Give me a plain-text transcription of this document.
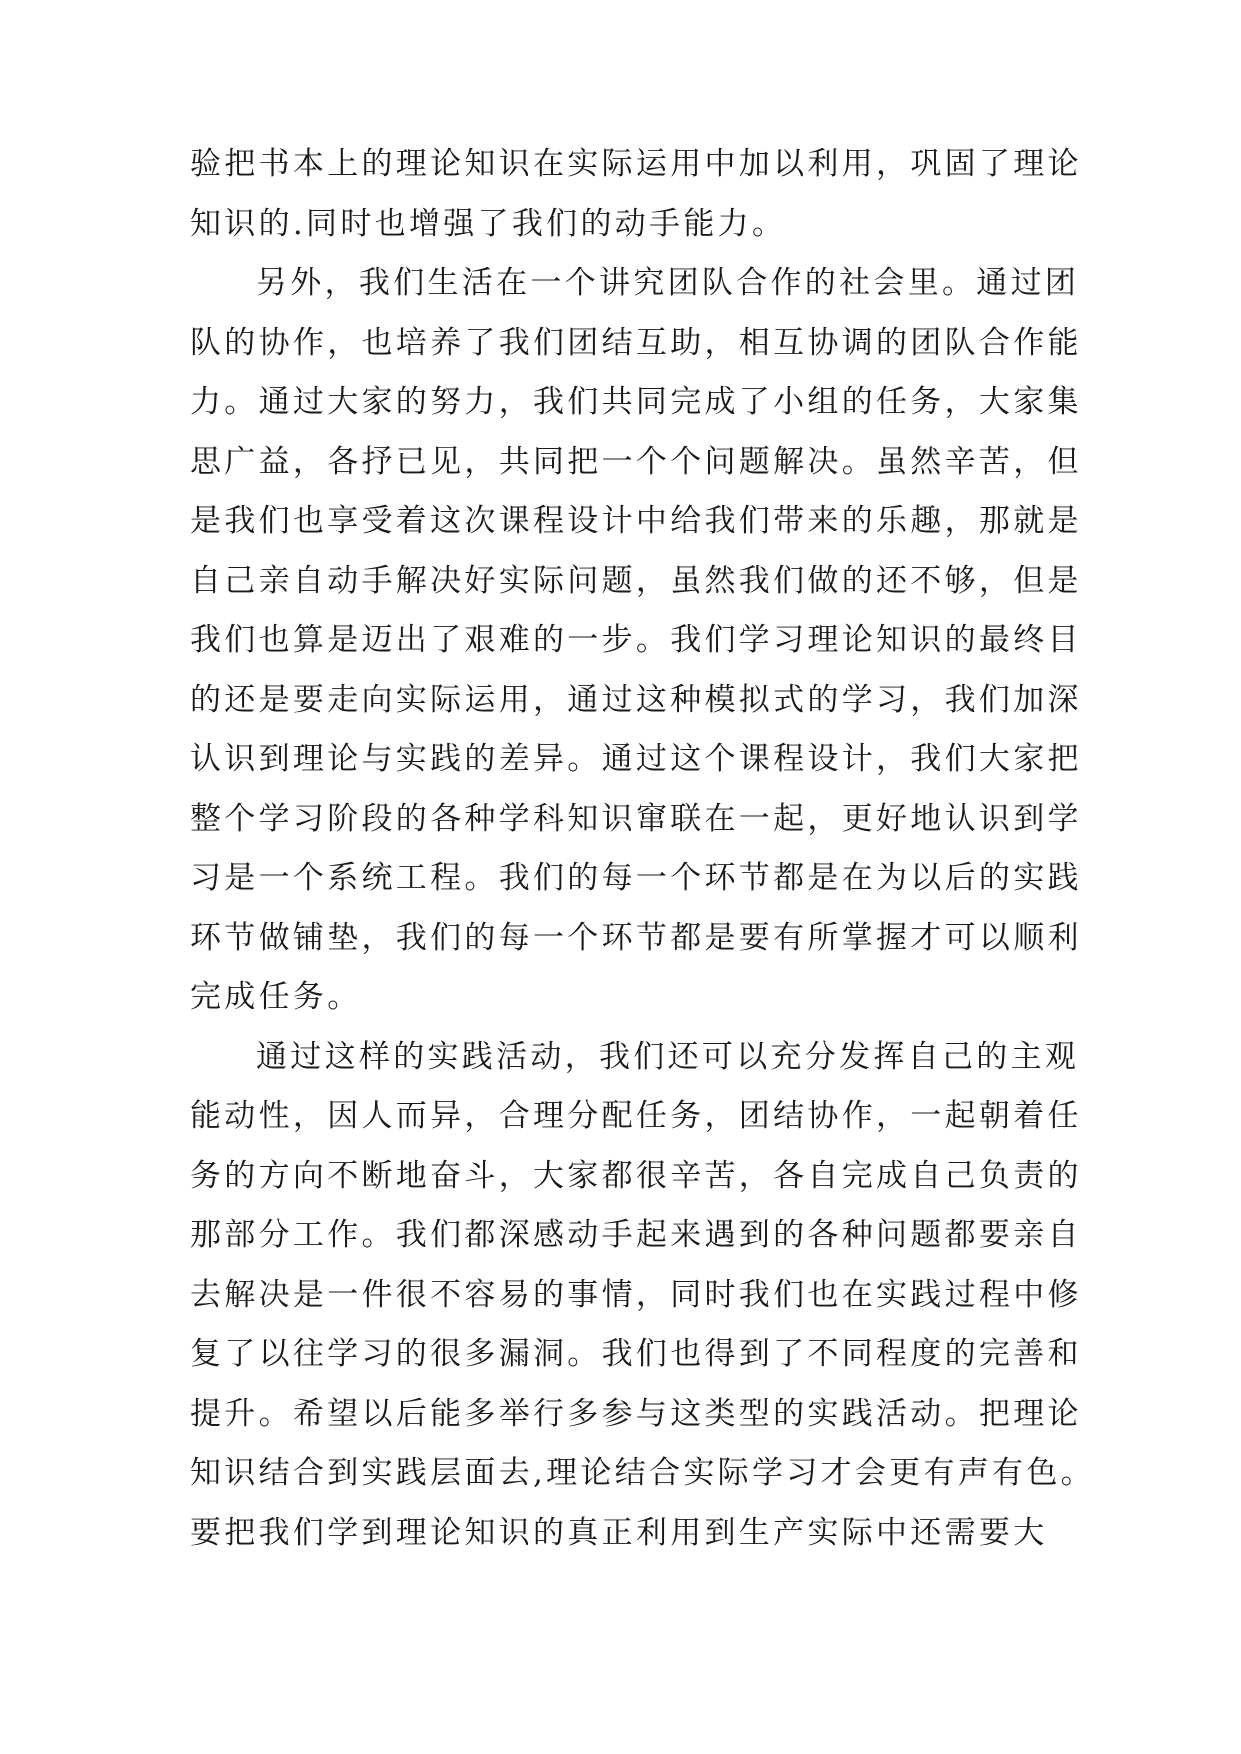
验把书本上的理论知识在实际运用中加以利用，巩固了理论
知识的.同时也增强了我们的动手能力。
另外，我们生活在一个讲究团队合作的社会里。通过团
队的协作，也培养了我们团结互助，相互协调的团队合作能
力。通过大家的努力，我们共同完成了小组的任务，大家集
思广益，各抒已见，共同把一个个问题解决。虽然辛苦，但
是我们也享受着这次课程设计中给我们带来的乐趣，那就是
自己亲自动手解决好实际问题，虽然我们做的还不够，但是
我们也算是迈出了艰难的一步。我们学习理论知识的最终目
的还是要走向实际运用，通过这种模拟式的学习，我们加深
认识到理论与实践的差异。通过这个课程设计，我们大家把
整个学习阶段的各种学科知识窜联在一起，更好地认识到学
习是一个系统工程。我们的每一个环节都是在为以后的实践
环节做铺垫，我们的每一个环节都是要有所掌握才可以顺利
完成任务。
通过这样的实践活动，我们还可以充分发挥自己的主观
能动性，因人而异，合理分配任务，团结协作，一起朝着任
务的方向不断地奋斗，大家都很辛苦，各自完成自己负责的
那部分工作。我们都深感动手起来遇到的各种问题都要亲自
去解决是一件很不容易的事情，同时我们也在实践过程中修
复了以往学习的很多漏洞。我们也得到了不同程度的完善和
提升。希望以后能多举行多参与这类型的实践活动。把理论
知识结合到实践层面去,理论结合实际学习才会更有声有色。
要把我们学到理论知识的真正利用到生产实际中还需要大
